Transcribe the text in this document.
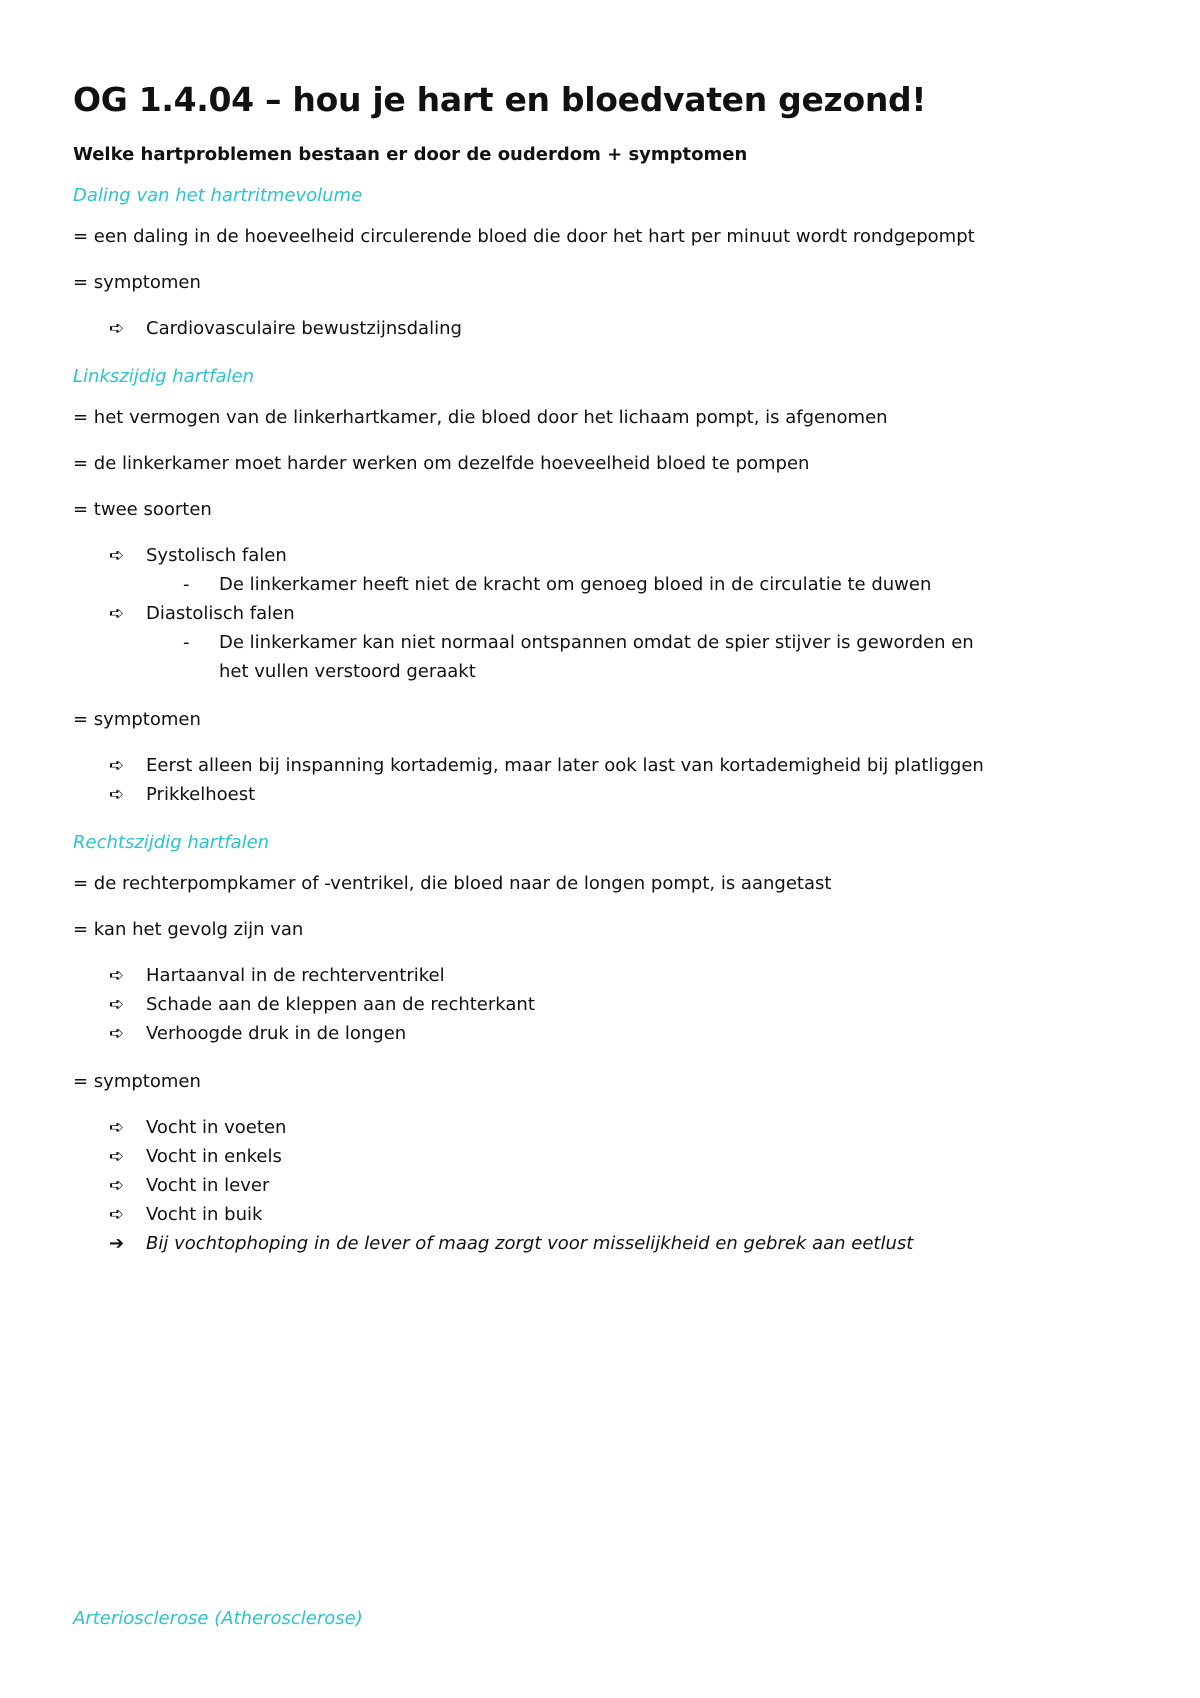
OG 1.4.04 – hou je hart en bloedvaten gezond!
Welke hartproblemen bestaan er door de ouderdom + symptomen
Daling van het hartritmevolume
= een daling in de hoeveelheid circulerende bloed die door het hart per minuut wordt rondgepompt
= symptomen
➪	Cardiovasculaire bewustzijnsdaling
Linkszijdig hartfalen
= het vermogen van de linkerhartkamer, die bloed door het lichaam pompt, is afgenomen
= de linkerkamer moet harder werken om dezelfde hoeveelheid bloed te pompen
= twee soorten
➪	Systolisch falen
- De linkerkamer heeft niet de kracht om genoeg bloed in de circulatie te duwen
➪	Diastolisch falen
- De linkerkamer kan niet normaal ontspannen omdat de spier stijver is geworden en het vullen verstoord geraakt
= symptomen
➪	Eerst alleen bij inspanning kortademig, maar later ook last van kortademigheid bij platliggen
➪	Prikkelhoest
Rechtszijdig hartfalen
= de rechterpompkamer of -ventrikel, die bloed naar de longen pompt, is aangetast
= kan het gevolg zijn van
➪	Hartaanval in de rechterventrikel
➪	Schade aan de kleppen aan de rechterkant
➪	Verhoogde druk in de longen
= symptomen
➪	Vocht in voeten
➪	Vocht in enkels
➪	Vocht in lever
➪	Vocht in buik
➔	Bij vochtophoping in de lever of maag zorgt voor misselijkheid en gebrek aan eetlust
Arteriosclerose (Atherosclerose)
